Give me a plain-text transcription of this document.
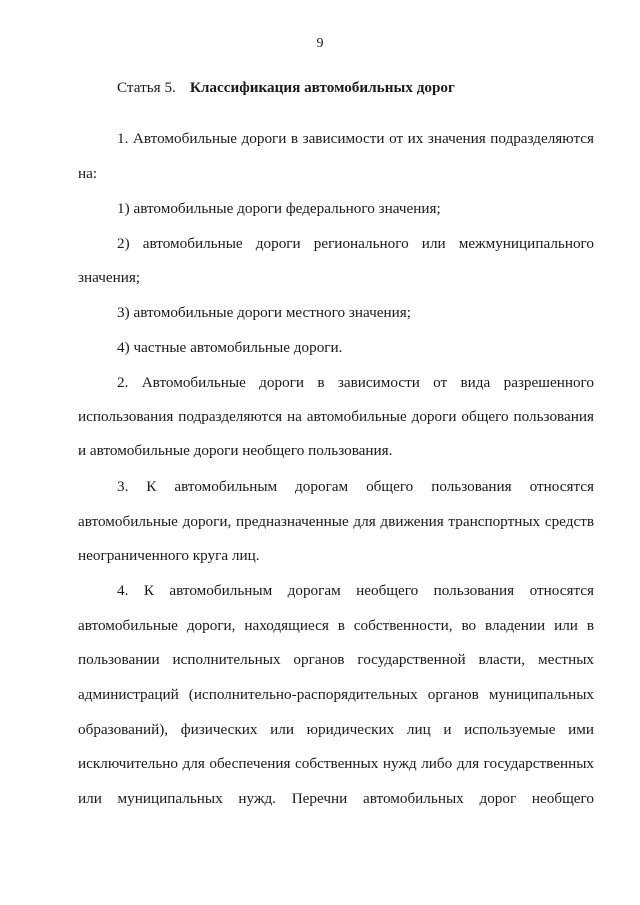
9
Статья 5. Классификация автомобильных дорог
1. Автомобильные дороги в зависимости от их значения подразделяются
на:
1) автомобильные дороги федерального значения;
2) автомобильные дороги регионального или межмуниципального
значения;
3) автомобильные дороги местного значения;
4) частные автомобильные дороги.
2. Автомобильные дороги в зависимости от вида разрешенного
использования подразделяются на автомобильные дороги общего пользования
и автомобильные дороги необщего пользования.
3. К автомобильным дорогам общего пользования относятся
автомобильные дороги, предназначенные для движения транспортных средств
неограниченного круга лиц.
4. К автомобильным дорогам необщего пользования относятся
автомобильные дороги, находящиеся в собственности, во владении или в
пользовании исполнительных органов государственной власти, местных
администраций (исполнительно-распорядительных органов муниципальных
образований), физических или юридических лиц и используемые ими
исключительно для обеспечения собственных нужд либо для государственных
или муниципальных нужд. Перечни автомобильных дорог необщего
